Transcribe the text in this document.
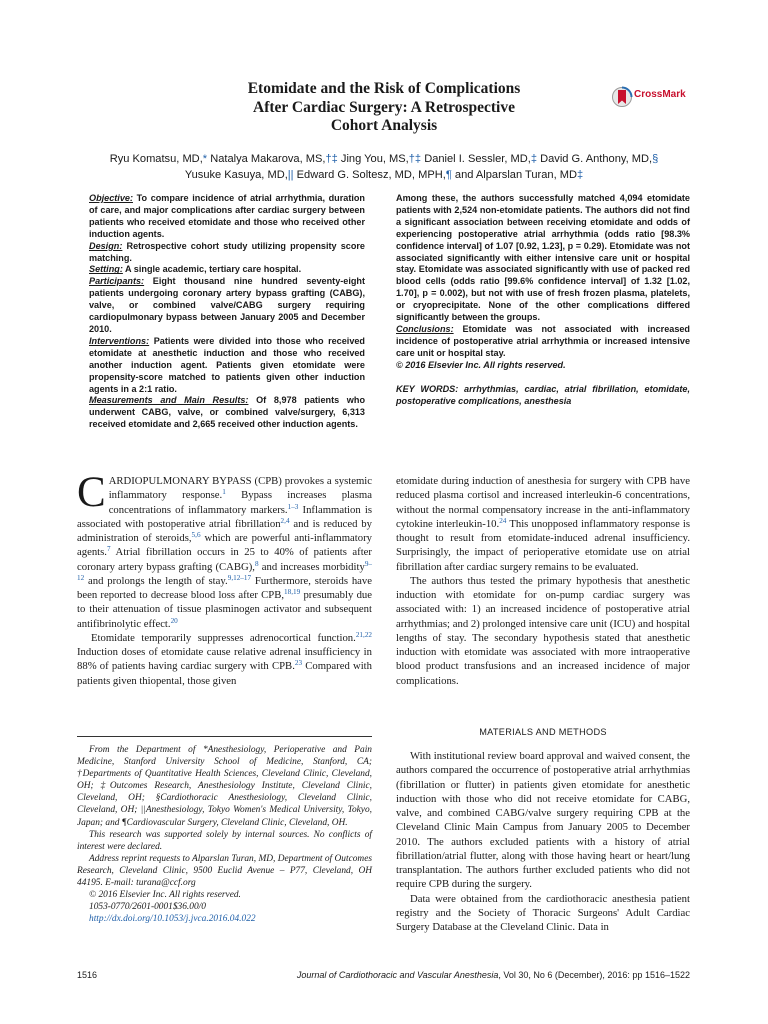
Etomidate and the Risk of Complications
After Cardiac Surgery: A Retrospective
Cohort Analysis
CrossMark
Ryu Komatsu, MD,* Natalya Makarova, MS,†‡ Jing You, MS,†‡ Daniel I. Sessler, MD,‡ David G. Anthony, MD,§
Yusuke Kasuya, MD,|| Edward G. Soltesz, MD, MPH,¶ and Alparslan Turan, MD‡

Objective: To compare incidence of atrial arrhythmia, duration of care, and major complications after cardiac surgery between patients who received etomidate and those who received other induction agents.

Design: Retrospective cohort study utilizing propensity score matching.

Setting: A single academic, tertiary care hospital.

Participants: Eight thousand nine hundred seventy-eight patients undergoing coronary artery bypass grafting (CABG), valve, or combined valve/CABG surgery requiring cardiopulmonary bypass between January 2005 and December 2010.

Interventions: Patients were divided into those who received etomidate at anesthetic induction and those who received another induction agent. Patients given etomidate were propensity-score matched to patients given other induction agents in a 2:1 ratio.

Measurements and Main Results: Of 8,978 patients who underwent CABG, valve, or combined valve/surgery, 6,313 received etomidate and 2,665 received other induction agents.

Among these, the authors successfully matched 4,094 etomidate patients with 2,524 non-etomidate patients. The authors did not find a significant association between receiving etomidate and odds of experiencing postoperative atrial arrhythmia (odds ratio [98.3% confidence interval] of 1.07 [0.92, 1.23], p = 0.29). Etomidate was not associated significantly with either intensive care unit or hospital stay. Etomidate was associated significantly with use of packed red blood cells (odds ratio [99.6% confidence interval] of 1.32 [1.02, 1.70], p = 0.002), but not with use of fresh frozen plasma, platelets, or cryoprecipitate. None of the other complications differed significantly between the groups.

Conclusions: Etomidate was not associated with increased incidence of postoperative atrial arrhythmia or increased intensive care unit or hospital stay.

© 2016 Elsevier Inc. All rights reserved.

KEY WORDS: arrhythmias, cardiac, atrial fibrillation, etomidate, postoperative complications, anesthesia

CARDIOPULMONARY BYPASS (CPB) provokes a systemic inflammatory response.$^1$ Bypass increases plasma concentrations of inflammatory markers.$^{1-3}$ Inflammation is associated with postoperative atrial fibrillation$^{2,4}$ and is reduced by administration of steroids,$^{5,6}$ which are powerful anti-inflammatory agents.$^7$ Atrial fibrillation occurs in 25 to 40% of patients after coronary artery bypass grafting (CABG),$^8$ and increases morbidity$^{9-12}$ and prolongs the length of stay.$^{9,12-17}$ Furthermore, steroids have been reported to decrease blood loss after CPB,$^{18,19}$ presumably due to their attenuation of tissue plasminogen activator and subsequent antifibrinolytic effect.$^{20}$

Etomidate temporarily suppresses adrenocortical function.$^{21,22}$ Induction doses of etomidate cause relative adrenal insufficiency in 88% of patients having cardiac surgery with CPB.$^{23}$ Compared with patients given thiopental, those given

From the Department of *Anesthesiology, Perioperative and Pain Medicine, Stanford University School of Medicine, Stanford, CA; †Departments of Quantitative Health Sciences, Cleveland Clinic, Cleveland, OH; ‡Outcomes Research, Anesthesiology Institute, Cleveland Clinic, Cleveland, OH; §Cardiothoracic Anesthesiology, Cleveland Clinic, Cleveland, OH; ||Anesthesiology, Tokyo Women's Medical University, Tokyo, Japan; and ¶Cardiovascular Surgery, Cleveland Clinic, Cleveland, OH.

This research was supported solely by internal sources. No conflicts of interest were declared.

Address reprint requests to Alparslan Turan, MD, Department of Outcomes Research, Cleveland Clinic, 9500 Euclid Avenue – P77, Cleveland, OH 44195. E-mail: turana@ccf.org

© 2016 Elsevier Inc. All rights reserved.

1053-0770/2601-0001$36.00/0

http://dx.doi.org/10.1053/j.jvca.2016.04.022

etomidate during induction of anesthesia for surgery with CPB have reduced plasma cortisol and increased interleukin-6 concentrations, without the normal compensatory increase in the anti-inflammatory cytokine interleukin-10.24 This unopposed inflammatory response is thought to result from etomidate-induced adrenal insufficiency. Surprisingly, the impact of perioperative etomidate use on atrial fibrillation after cardiac surgery remains to be evaluated.

The authors thus tested the primary hypothesis that anesthetic induction with etomidate for on-pump cardiac surgery was associated with: 1) an increased incidence of postoperative atrial arrhythmias; and 2) prolonged intensive care unit (ICU) and hospital lengths of stay. The secondary hypothesis stated that anesthetic induction with etomidate was associated with more intraoperative blood product transfusions and an increased incidence of major complications.

MATERIALS AND METHODS

With institutional review board approval and waived consent, the authors compared the occurrence of postoperative atrial arrhythmias (fibrillation or flutter) in patients given etomidate for anesthetic induction with those who did not receive etomidate for CABG, valve, and combined CABG/valve surgery requiring CPB at the Cleveland Clinic Main Campus from January 2005 to December 2010. The authors excluded patients with a history of atrial fibrillation/atrial flutter, along with those having heart or heart/lung transplantation. The authors further excluded patients who did not require CPB during the surgery.

Data were obtained from the cardiothoracic anesthesia patient registry and the Society of Thoracic Surgeons' Adult Cardiac Surgery Database at the Cleveland Clinic. Data in

1516	Journal of Cardiothoracic and Vascular Anesthesia, Vol 30, No 6 (December), 2016: pp 1516–1522
